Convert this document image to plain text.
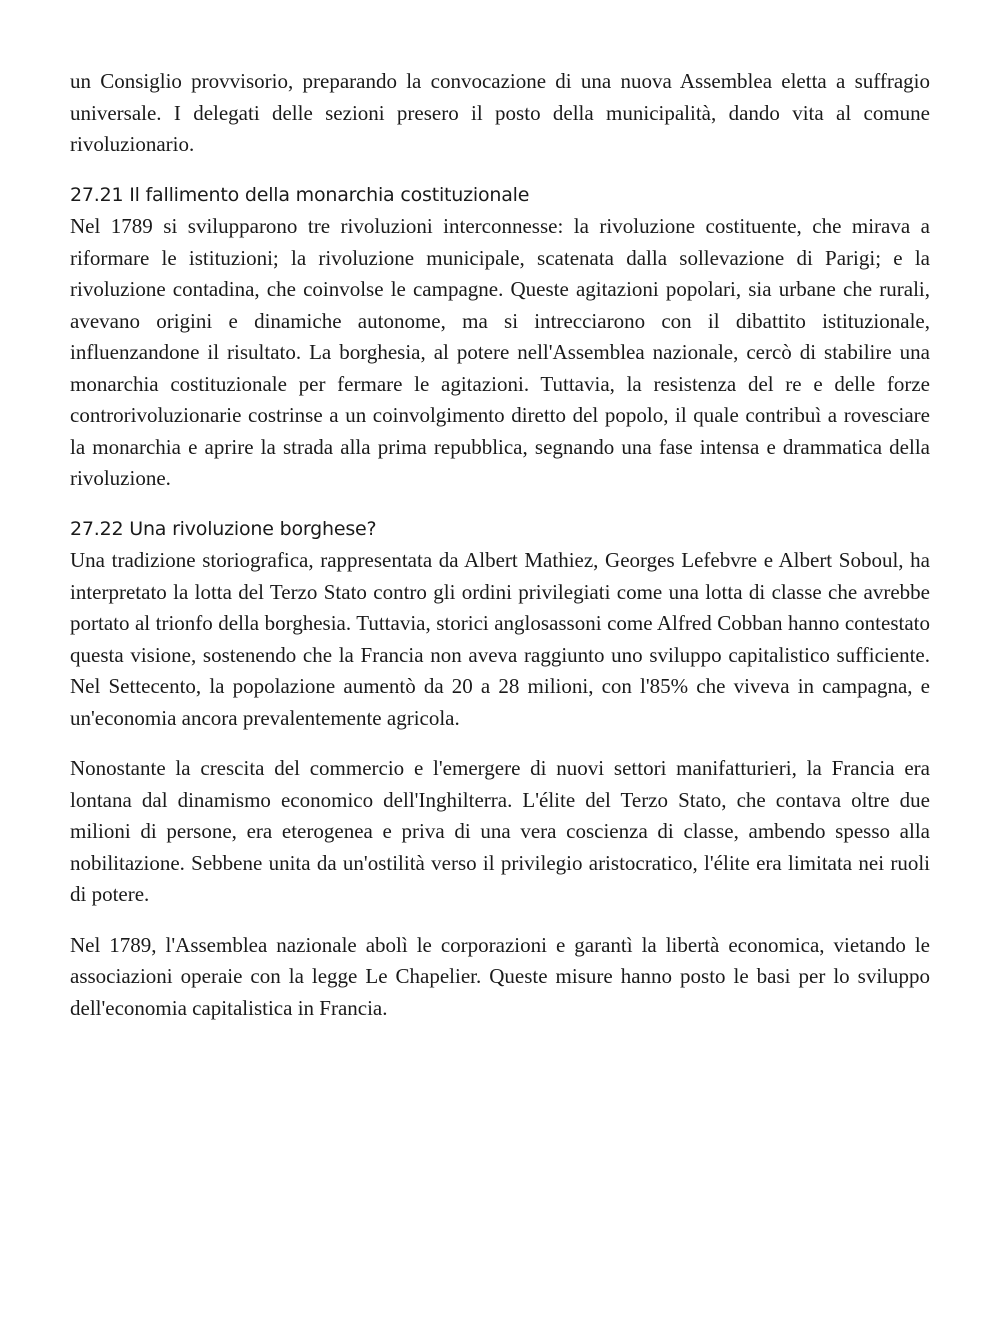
un Consiglio provvisorio, preparando la convocazione di una nuova Assemblea eletta a suffragio universale. I delegati delle sezioni presero il posto della municipalità, dando vita al comune rivoluzionario.

27.21 Il fallimento della monarchia costituzionale

Nel 1789 si svilupparono tre rivoluzioni interconnesse: la rivoluzione costituente, che mirava a riformare le istituzioni; la rivoluzione municipale, scatenata dalla sollevazione di Parigi; e la rivoluzione contadina, che coinvolse le campagne. Queste agitazioni popolari, sia urbane che rurali, avevano origini e dinamiche autonome, ma si intrecciarono con il dibattito istituzionale, influenzandone il risultato. La borghesia, al potere nell'Assemblea nazionale, cercò di stabilire una monarchia costituzionale per fermare le agitazioni. Tuttavia, la resistenza del re e delle forze controrivoluzionarie costrinse a un coinvolgimento diretto del popolo, il quale contribuì a rovesciare la monarchia e aprire la strada alla prima repubblica, segnando una fase intensa e drammatica della rivoluzione.

27.22 Una rivoluzione borghese?

Una tradizione storiografica, rappresentata da Albert Mathiez, Georges Lefebvre e Albert Soboul, ha interpretato la lotta del Terzo Stato contro gli ordini privilegiati come una lotta di classe che avrebbe portato al trionfo della borghesia. Tuttavia, storici anglosassoni come Alfred Cobban hanno contestato questa visione, sostenendo che la Francia non aveva raggiunto uno sviluppo capitalistico sufficiente. Nel Settecento, la popolazione aumentò da 20 a 28 milioni, con l'85% che viveva in campagna, e un'economia ancora prevalentemente agricola.

Nonostante la crescita del commercio e l'emergere di nuovi settori manifatturieri, la Francia era lontana dal dinamismo economico dell'Inghilterra. L'élite del Terzo Stato, che contava oltre due milioni di persone, era eterogenea e priva di una vera coscienza di classe, ambendo spesso alla nobilitazione. Sebbene unita da un'ostilità verso il privilegio aristocratico, l'élite era limitata nei ruoli di potere.

Nel 1789, l'Assemblea nazionale abolì le corporazioni e garantì la libertà economica, vietando le associazioni operaie con la legge Le Chapelier. Queste misure hanno posto le basi per lo sviluppo dell'economia capitalistica in Francia.
